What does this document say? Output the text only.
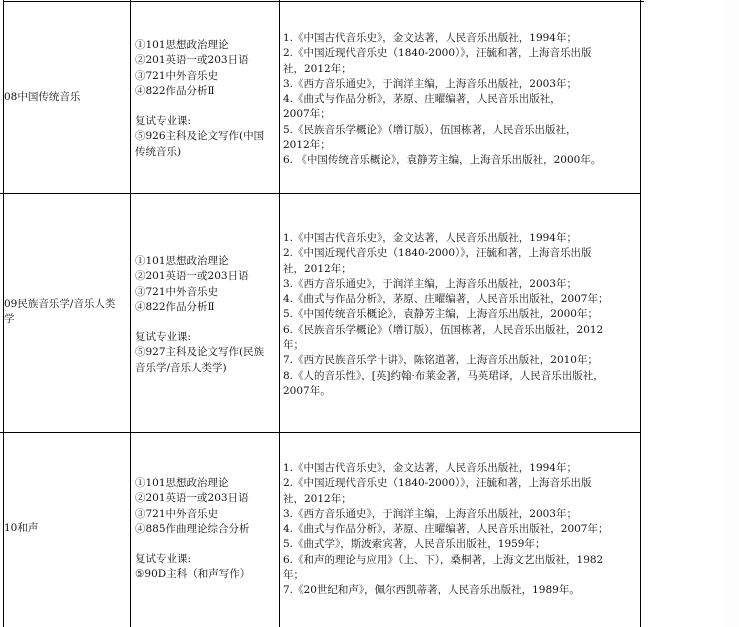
08中国传统音乐
①101思想政治理论
②201英语一或203日语
③721中外音乐史
④822作品分析Ⅱ
复试专业课:
⑤926主科及论文写作(中国
传统音乐)
1.《中国古代音乐史》，金文达著，人民音乐出版社，1994年；
2.《中国近现代音乐史（1840-2000）》，汪毓和著，上海音乐出版
社，2012年；
3.《西方音乐通史》，于润洋主编，上海音乐出版社，2003年；
4.《曲式与作品分析》，茅原、庄曜编著，人民音乐出版社，
2007年；
5.《民族音乐学概论》（增订版），伍国栋著，人民音乐出版社，
2012年；
6. 《中国传统音乐概论》，袁静芳主编，上海音乐出版社，2000年。
09民族音乐学/音乐人类
学
①101思想政治理论
②201英语一或203日语
③721中外音乐史
④822作品分析Ⅱ
复试专业课:
⑤927主科及论文写作(民族
音乐学/音乐人类学)
1.《中国古代音乐史》，金文达著，人民音乐出版社，1994年；
2.《中国近现代音乐史（1840-2000）》，汪毓和著，上海音乐出版
社，2012年；
3.《西方音乐通史》，于润洋主编，上海音乐出版社，2003年；
4.《曲式与作品分析》，茅原、庄曜编著，人民音乐出版社，2007年；
5.《中国传统音乐概论》，袁静芳主编，上海音乐出版社，2000年；
6.《民族音乐学概论》（增订版），伍国栋著，人民音乐出版社，2012
年；
7.《西方民族音乐学十讲》，陈铭道著，上海音乐出版社，2010年；
8.《人的音乐性》，[英]约翰·布莱金著，马英珺译，人民音乐出版社，
2007年。
10和声
①101思想政治理论
②201英语一或203日语
③721中外音乐史
④885作曲理论综合分析
复试专业课:
⑤90D主科（和声写作）
1.《中国古代音乐史》，金文达著，人民音乐出版社，1994年；
2.《中国近现代音乐史（1840-2000）》，汪毓和著，上海音乐出版
社，2012年；
3.《西方音乐通史》，于润洋主编，上海音乐出版社，2003年；
4.《曲式与作品分析》，茅原、庄曜编著，人民音乐出版社，2007年；
5.《曲式学》，斯波索宾著，人民音乐出版社，1959年；
6.《和声的理论与应用》（上、下），桑桐著，上海文艺出版社，1982
年；
7.《20世纪和声》，佩尔西凯蒂著，人民音乐出版社，1989年。
